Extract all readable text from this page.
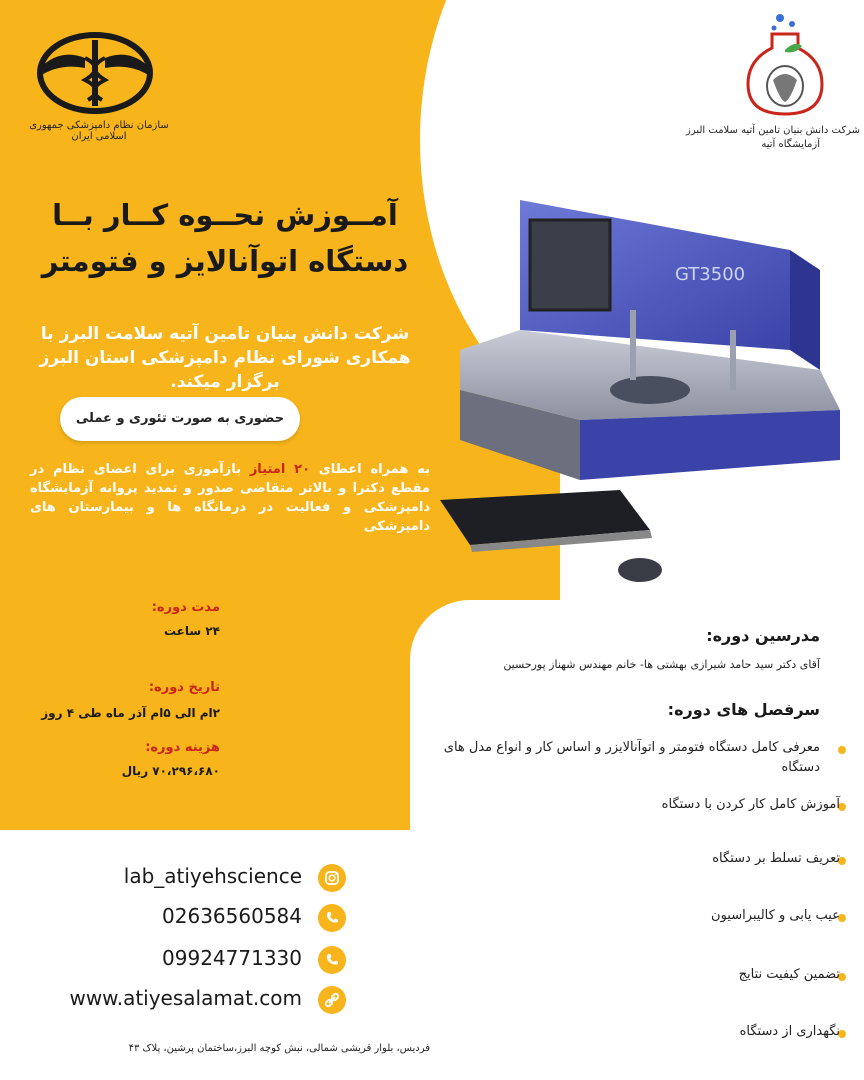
سازمان نظام دامپزشکی جمهوری اسلامی ایران
شرکت دانش بنیان تامین آتیه سلامت البرز
آزمایشگاه آتیه
آمــوزش نحــوه کــار بــا
دستگاه اتوآنالایز و فتومتر
شرکت دانش بنیان تامین آتیه سلامت البرز با همکاری شورای نظام دامپزشکی استان البرز برگزار میکند.
حضوری به صورت تئوری و عملی
به همراه اعطای ۲۰ امتیاز بازآموزی برای اعضای نظام در مقطع دکترا و بالاتر متقاضی صدور و تمدید پروانه آزمایشگاه دامپزشکی و فعالیت در درمانگاه ها و بیمارستان های دامپزشکی
مدت دوره:
۲۴ ساعت
تاریخ دوره:
۲ام الی ۵ام آذر ماه طی ۴ روز
هزینه دوره:
۷۰،۲۹۶،۶۸۰ ریال
GT3500
مدرسین دوره:
آقای دکتر سید حامد شیرازی بهشتی ها- خانم مهندس شهناز پورحسین
سرفصل های دوره:
معرفی کامل دستگاه فتومتر و اتوآنالایزر و اساس کار و انواع مدل های دستگاه
آموزش کامل کار کردن با دستگاه
تعریف تسلط بر دستگاه
عیب یابی و کالیبراسیون
تضمین کیفیت نتایج
نگهداری از دستگاه
lab_atiyehscience
02636560584
09924771330
www.atiyesalamat.com
فردیس، بلوار قریشی شمالی، نبش کوچه البرز،ساختمان پرشین، پلاک ۴۳
